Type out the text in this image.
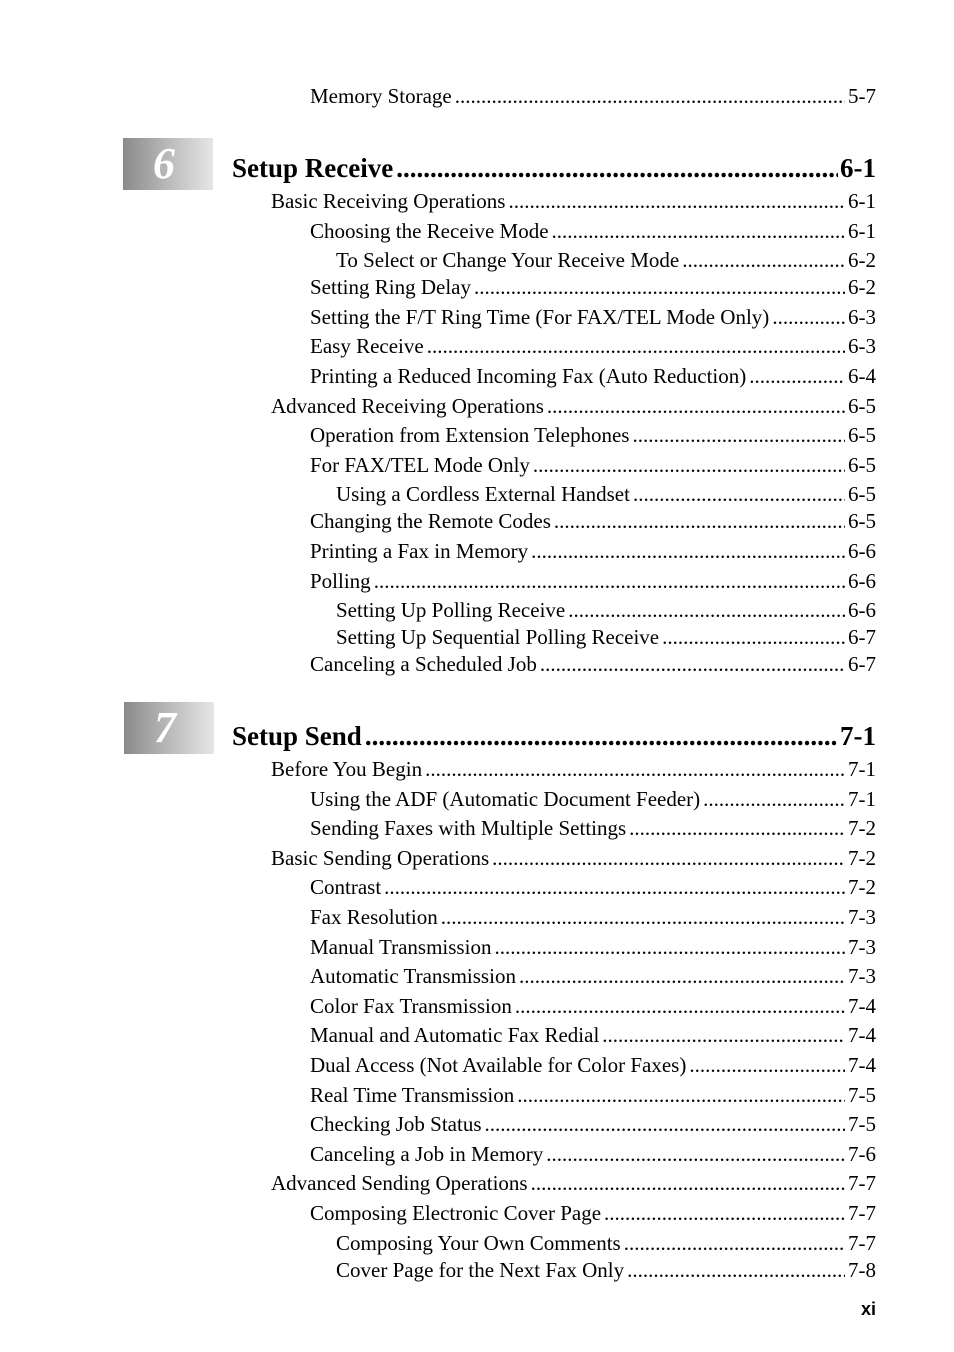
Memory Storage .....	5-7
6 Setup Receive .....	6-1
Basic Receiving Operations .....	6-1
Choosing the Receive Mode .....	6-1
To Select or Change Your Receive Mode .....	6-2
Setting Ring Delay .....	6-2
Setting the F/T Ring Time (For FAX/TEL Mode Only) .....	6-3
Easy Receive .....	6-3
Printing a Reduced Incoming Fax (Auto Reduction) .....	6-4
Advanced Receiving Operations .....	6-5
Operation from Extension Telephones .....	6-5
For FAX/TEL Mode Only .....	6-5
Using a Cordless External Handset .....	6-5
Changing the Remote Codes .....	6-5
Printing a Fax in Memory .....	6-6
Polling .....	6-6
Setting Up Polling Receive .....	6-6
Setting Up Sequential Polling Receive .....	6-7
Canceling a Scheduled Job .....	6-7
7 Setup Send .....	7-1
Before You Begin .....	7-1
Using the ADF (Automatic Document Feeder) .....	7-1
Sending Faxes with Multiple Settings .....	7-2
Basic Sending Operations .....	7-2
Contrast .....	7-2
Fax Resolution .....	7-3
Manual Transmission .....	7-3
Automatic Transmission .....	7-3
Color Fax Transmission .....	7-4
Manual and Automatic Fax Redial .....	7-4
Dual Access (Not Available for Color Faxes) .....	7-4
Real Time Transmission .....	7-5
Checking Job Status .....	7-5
Canceling a Job in Memory .....	7-6
Advanced Sending Operations .....	7-7
Composing Electronic Cover Page .....	7-7
Composing Your Own Comments .....	7-7
Cover Page for the Next Fax Only .....	7-8
xi
